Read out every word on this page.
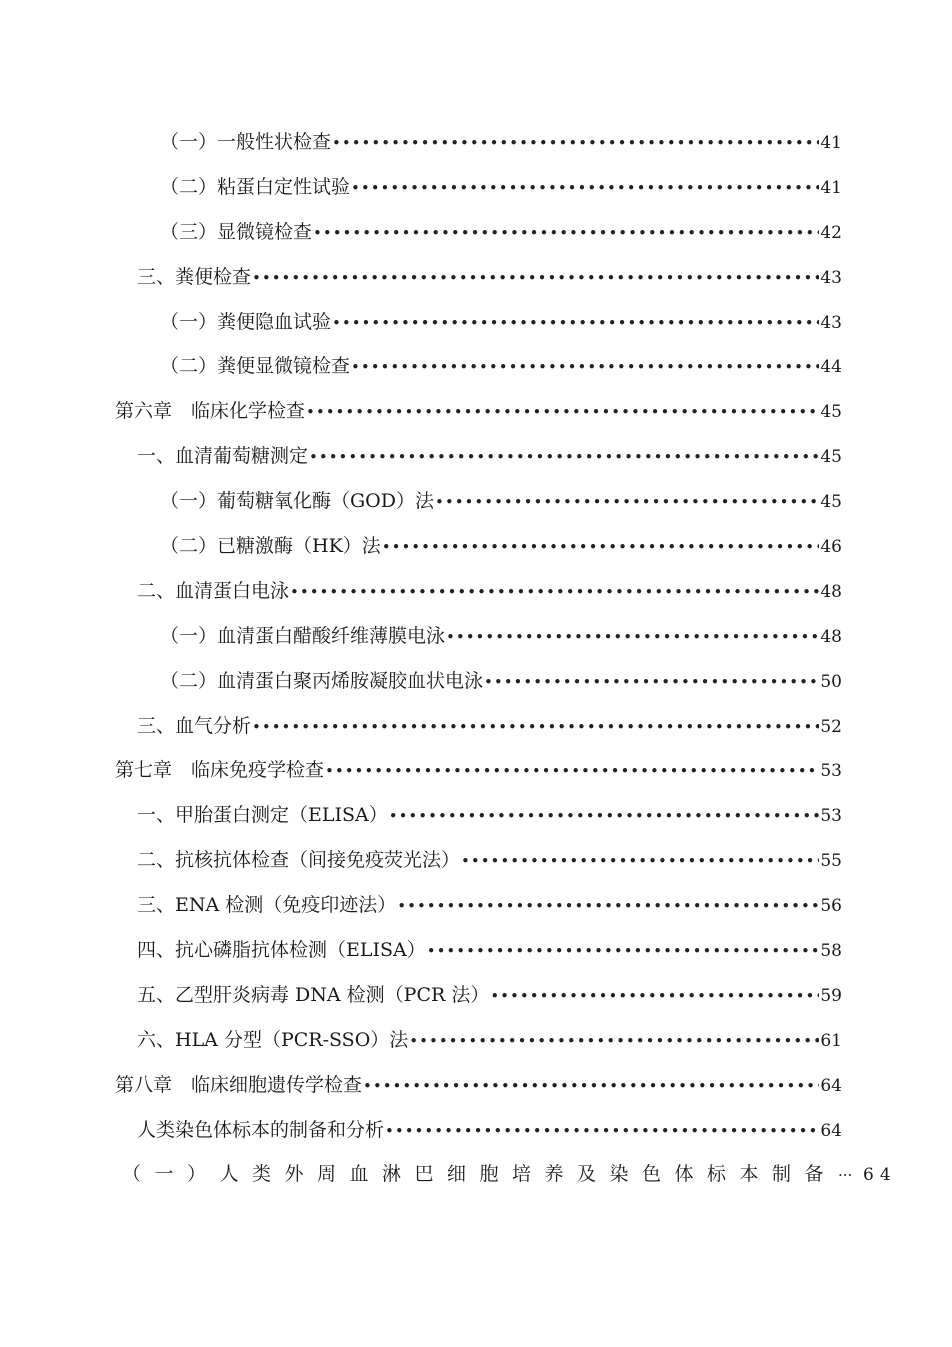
（一）一般性状检查 •••••	41
（二）粘蛋白定性试验 •••••	41
（三）显微镜检查 •••••	42
三、粪便检查 •••••	43
（一）粪便隐血试验 •••••	43
（二）粪便显微镜检查 •••••	44
第六章　临床化学检查 •••••	45
一、血清葡萄糖测定 •••••	45
（一）葡萄糖氧化酶（GOD）法 •••••	45
（二）已糖激酶（HK）法 •••••	46
二、血清蛋白电泳 •••••	48
（一）血清蛋白醋酸纤维薄膜电泳 •••••	48
（二）血清蛋白聚丙烯胺凝胶血状电泳 •••••	50
三、血气分析 •••••	52
第七章　临床免疫学检查 •••••	53
一、甲胎蛋白测定（ELISA） •••••	53
二、抗核抗体检查（间接免疫荧光法） •••••	55
三、ENA 检测（免疫印迹法） •••••	56
四、抗心磷脂抗体检测（ELISA） •••••	58
五、乙型肝炎病毒 DNA 检测（PCR 法） •••••	59
六、HLA 分型（PCR-SSO）法 •••••	61
第八章　临床细胞遗传学检查 •••••	64
人类染色体标本的制备和分析 •••••	64
（一）人类外周血淋巴细胞培养及染色体标本制备 ··· 64
